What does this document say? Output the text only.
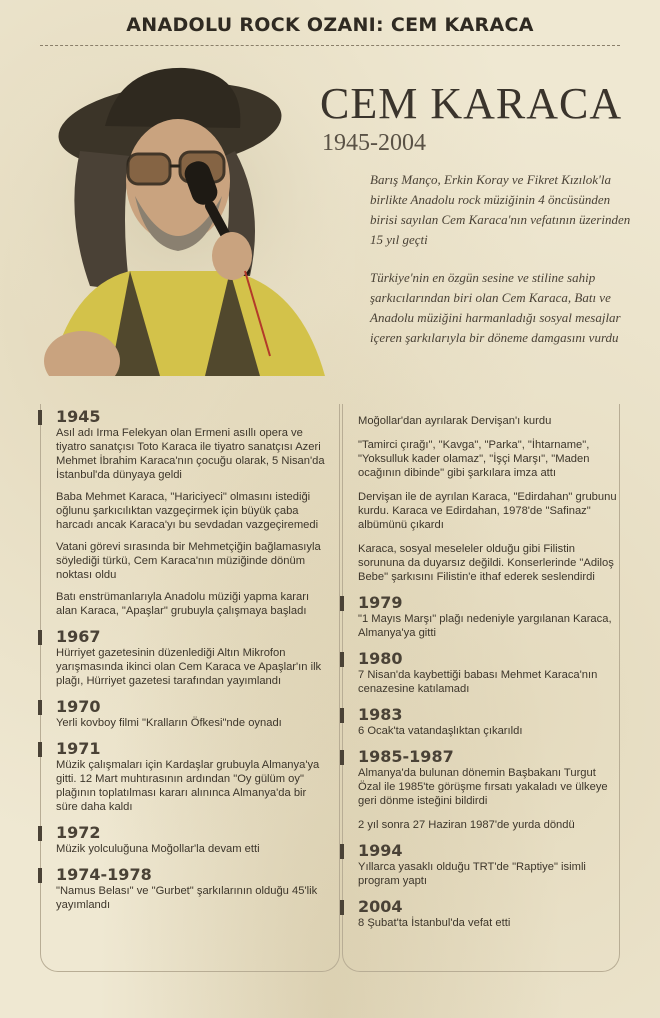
ANADOLU ROCK OZANI: CEM KARACA
CEM KARACA
1945-2004

Barış Manço, Erkin Koray ve Fikret Kızılok'la birlikte Anadolu rock müziğinin 4 öncüsünden birisi sayılan Cem Karaca'nın vefatının üzerinden 15 yıl geçti

Türkiye'nin en özgün sesine ve stiline sahip şarkıcılarından biri olan Cem Karaca, Batı ve Anadolu müziğini harmanladığı sosyal mesajlar içeren şarkılarıyla bir döneme damgasını vurdu

1945
Asıl adı Irma Felekyan olan Ermeni asıllı opera ve tiyatro sanatçısı Toto Karaca ile tiyatro sanatçısı Azeri Mehmet İbrahim Karaca'nın çocuğu olarak, 5 Nisan'da İstanbul'da dünyaya geldi
Baba Mehmet Karaca, "Hariciyeci" olmasını istediği oğlunu şarkıcılıktan vazgeçirmek için büyük çaba harcadı ancak Karaca'yı bu sevdadan vazgeçiremedi
Vatani görevi sırasında bir Mehmetçiğin bağlamasıyla söylediği türkü, Cem Karaca'nın müziğinde dönüm noktası oldu
Batı enstrümanlarıyla Anadolu müziği yapma kararı alan Karaca, "Apaşlar" grubuyla çalışmaya başladı
1967
Hürriyet gazetesinin düzenlediği Altın Mikrofon yarışmasında ikinci olan Cem Karaca ve Apaşlar'ın ilk plağı, Hürriyet gazetesi tarafından yayımlandı
1970
Yerli kovboy filmi "Kralların Öfkesi"nde oynadı
1971
Müzik çalışmaları için Kardaşlar grubuyla Almanya'ya gitti. 12 Mart muhtırasının ardından "Oy gülüm oy" plağının toplatılması kararı alınınca Almanya'da bir süre daha kaldı
1972
Müzik yolculuğuna Moğollar'la devam etti
1974-1978
"Namus Belası" ve "Gurbet" şarkılarının olduğu 45'lik yayımlandı
Moğollar'dan ayrılarak Dervişan'ı kurdu
"Tamirci çırağı", "Kavga", "Parka", "İhtarname", "Yoksulluk kader olamaz", "İşçi Marşı", "Maden ocağının dibinde" gibi şarkılara imza attı
Dervişan ile de ayrılan Karaca, "Edirdahan" grubunu kurdu. Karaca ve Edirdahan, 1978'de "Safinaz" albümünü çıkardı
Karaca, sosyal meseleler olduğu gibi Filistin sorununa da duyarsız değildi. Konserlerinde "Adiloş Bebe" şarkısını Filistin'e ithaf ederek seslendirdi
1979
"1 Mayıs Marşı" plağı nedeniyle yargılanan Karaca, Almanya'ya gitti
1980
7 Nisan'da kaybettiği babası Mehmet Karaca'nın cenazesine katılamadı
1983
6 Ocak'ta vatandaşlıktan çıkarıldı
1985-1987
Almanya'da bulunan dönemin Başbakanı Turgut Özal ile 1985'te görüşme fırsatı yakaladı ve ülkeye geri dönme isteğini bildirdi
2 yıl sonra 27 Haziran 1987'de yurda döndü
1994
Yıllarca yasaklı olduğu TRT'de "Raptiye" isimli program yaptı
2004
8 Şubat'ta İstanbul'da vefat etti
